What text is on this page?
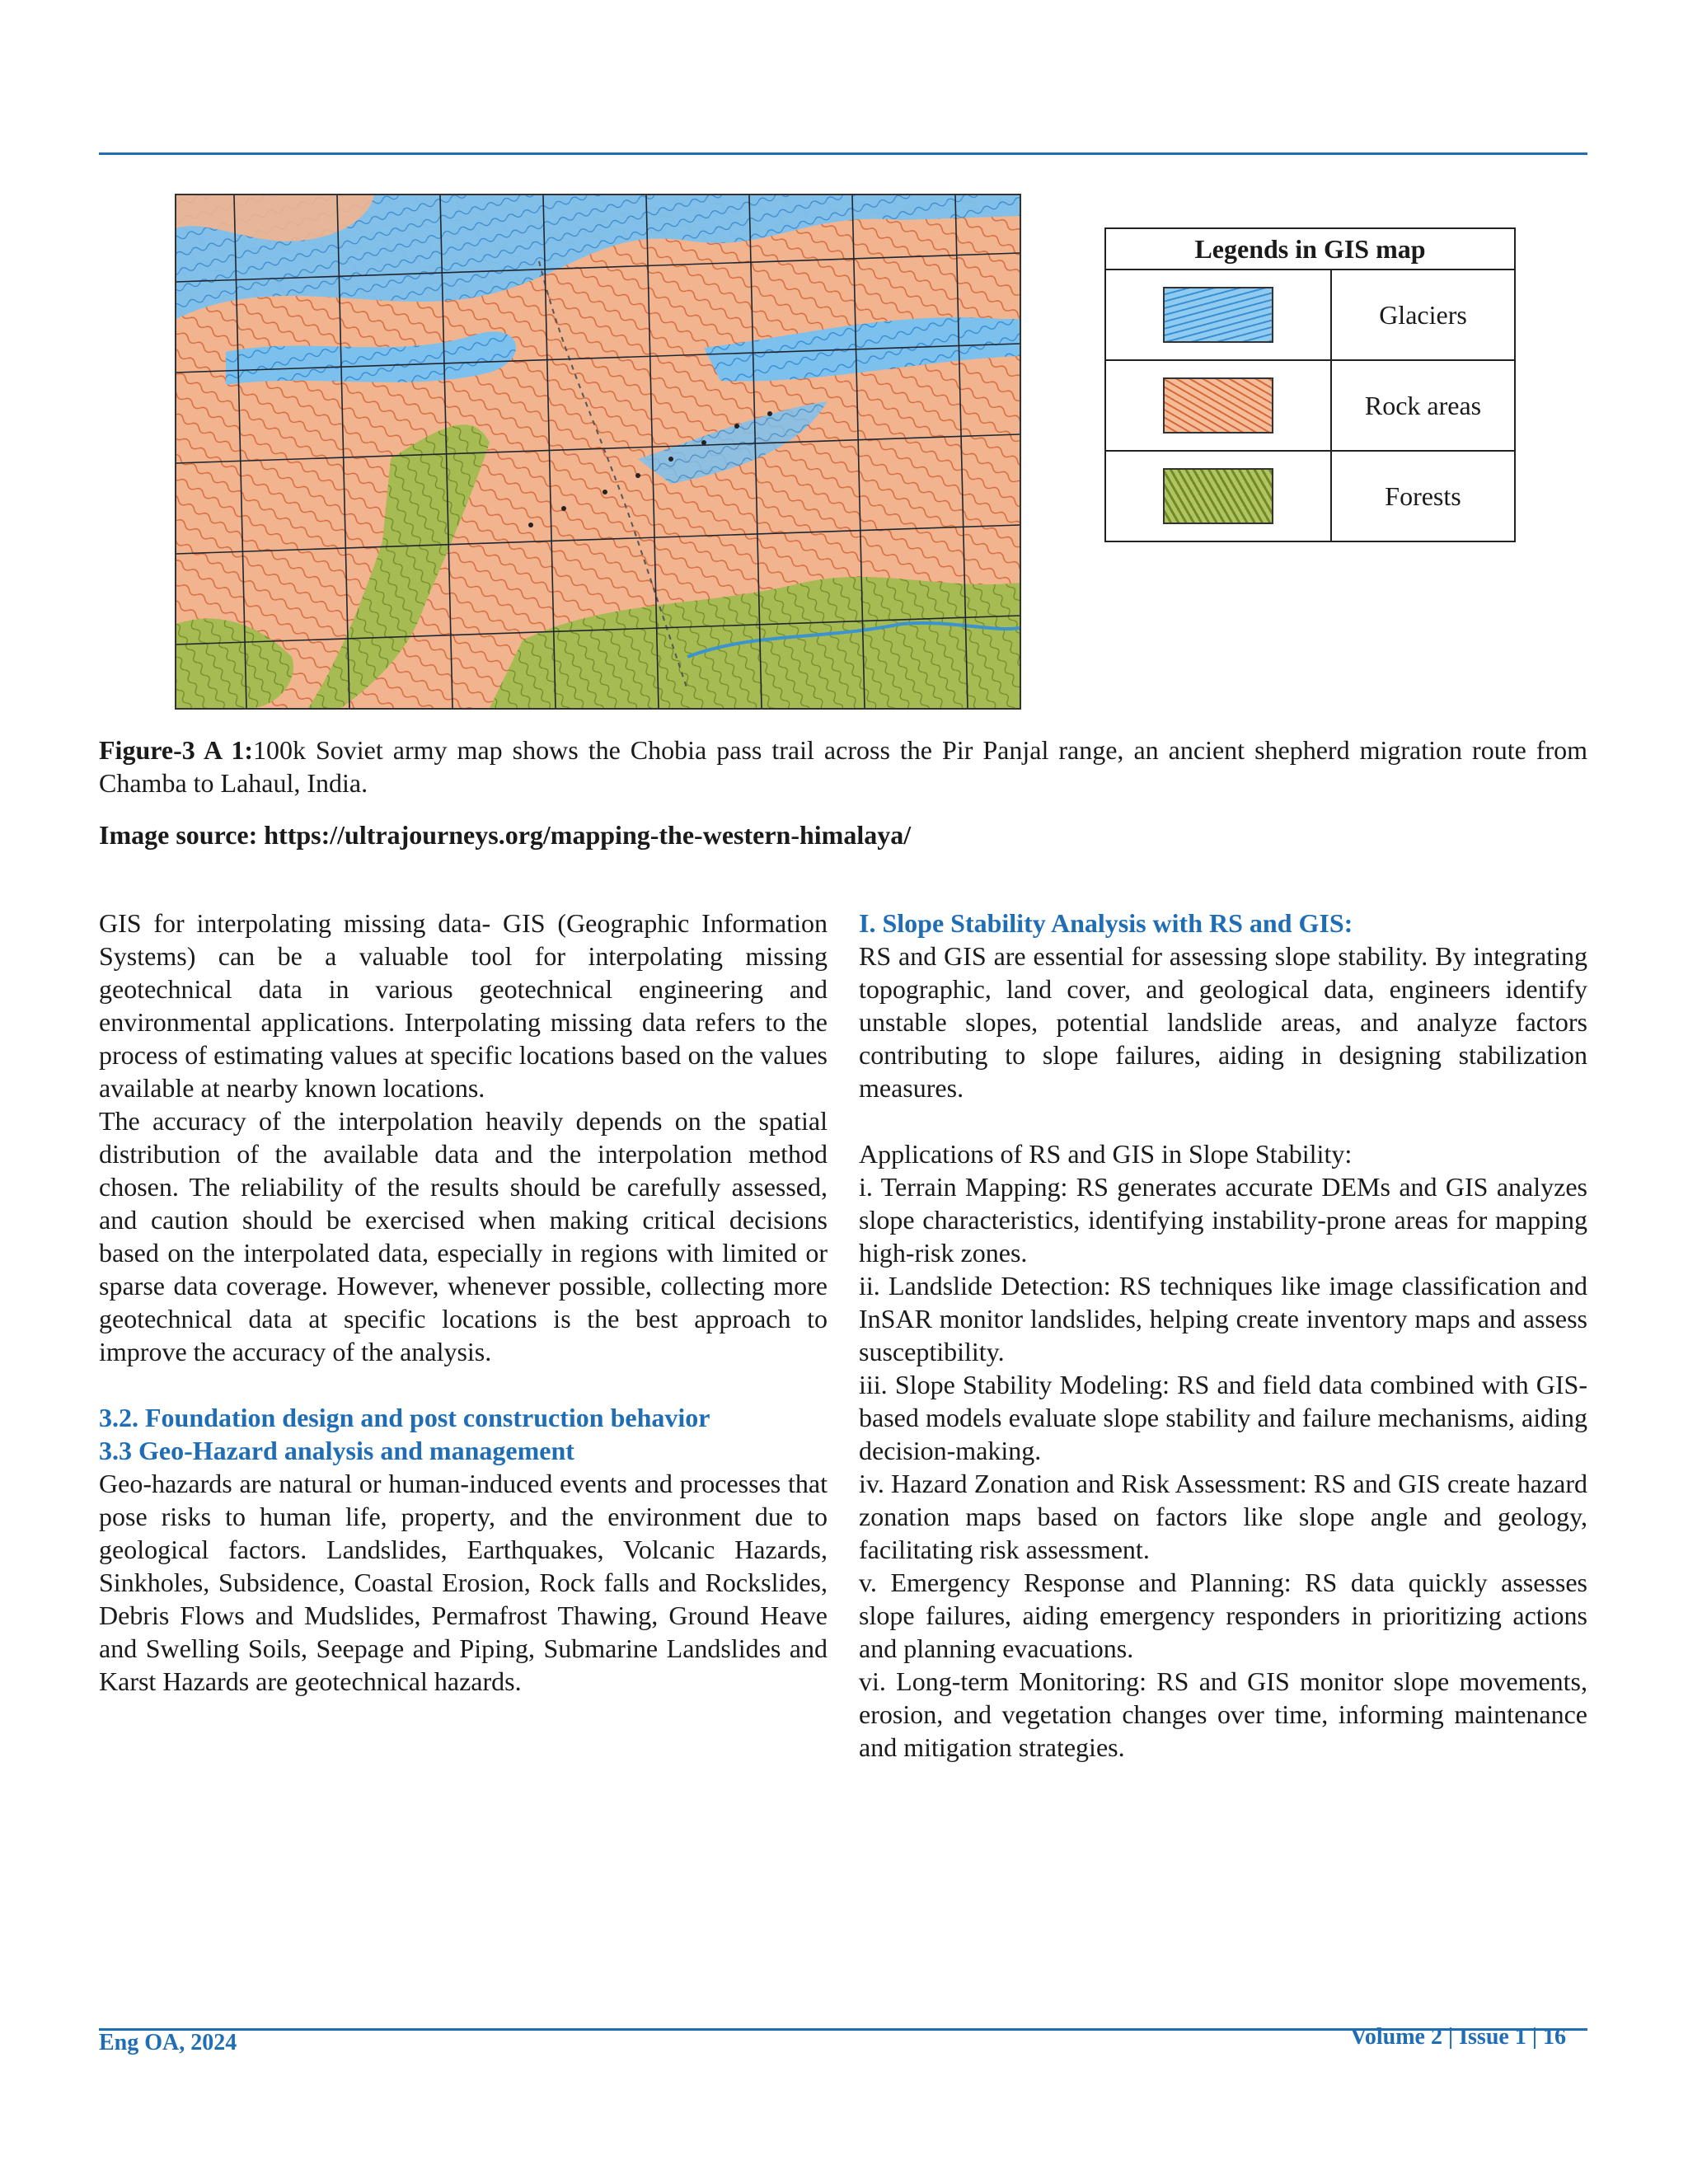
Legends in GIS map	
	Glaciers
	Rock areas
	Forests
Figure-3 A 1:100k Soviet army map shows the Chobia pass trail across the Pir Panjal range, an ancient shepherd migration route from Chamba to Lahaul, India.
Image source: https://ultrajourneys.org/mapping-the-western-himalaya/

GIS for interpolating missing data- GIS (Geographic Information Systems) can be a valuable tool for interpolating missing geotechnical data in various geotechnical engineering and environmental applications. Interpolating missing data refers to the process of estimating values at specific locations based on the values available at nearby known locations.

The accuracy of the interpolation heavily depends on the spatial distribution of the available data and the interpolation method chosen. The reliability of the results should be carefully assessed, and caution should be exercised when making critical decisions based on the interpolated data, especially in regions with limited or sparse data coverage. However, whenever possible, collecting more geotechnical data at specific locations is the best approach to improve the accuracy of the analysis.

3.2. Foundation design and post construction behavior

3.3 Geo-Hazard analysis and management

Geo-hazards are natural or human-induced events and processes that pose risks to human life, property, and the environment due to geological factors. Landslides, Earthquakes, Volcanic Hazards, Sinkholes, Subsidence, Coastal Erosion, Rock falls and Rockslides, Debris Flows and Mudslides, Permafrost Thawing, Ground Heave and Swelling Soils, Seepage and Piping, Submarine Landslides and Karst Hazards are geotechnical hazards.

I. Slope Stability Analysis with RS and GIS:

RS and GIS are essential for assessing slope stability. By integrating topographic, land cover, and geological data, engineers identify unstable slopes, potential landslide areas, and analyze factors contributing to slope failures, aiding in designing stabilization measures.

Applications of RS and GIS in Slope Stability:

i. Terrain Mapping: RS generates accurate DEMs and GIS analyzes slope characteristics, identifying instability-prone areas for mapping high-risk zones.

ii. Landslide Detection: RS techniques like image classification and InSAR monitor landslides, helping create inventory maps and assess susceptibility.

iii. Slope Stability Modeling: RS and field data combined with GIS-based models evaluate slope stability and failure mechanisms, aiding decision-making.

iv. Hazard Zonation and Risk Assessment: RS and GIS create hazard zonation maps based on factors like slope angle and geology, facilitating risk assessment.

v. Emergency Response and Planning: RS data quickly assesses slope failures, aiding emergency responders in prioritizing actions and planning evacuations.

vi. Long-term Monitoring: RS and GIS monitor slope movements, erosion, and vegetation changes over time, informing maintenance and mitigation strategies.

Eng OA, 2024	Volume 2 | Issue 1 | 16
